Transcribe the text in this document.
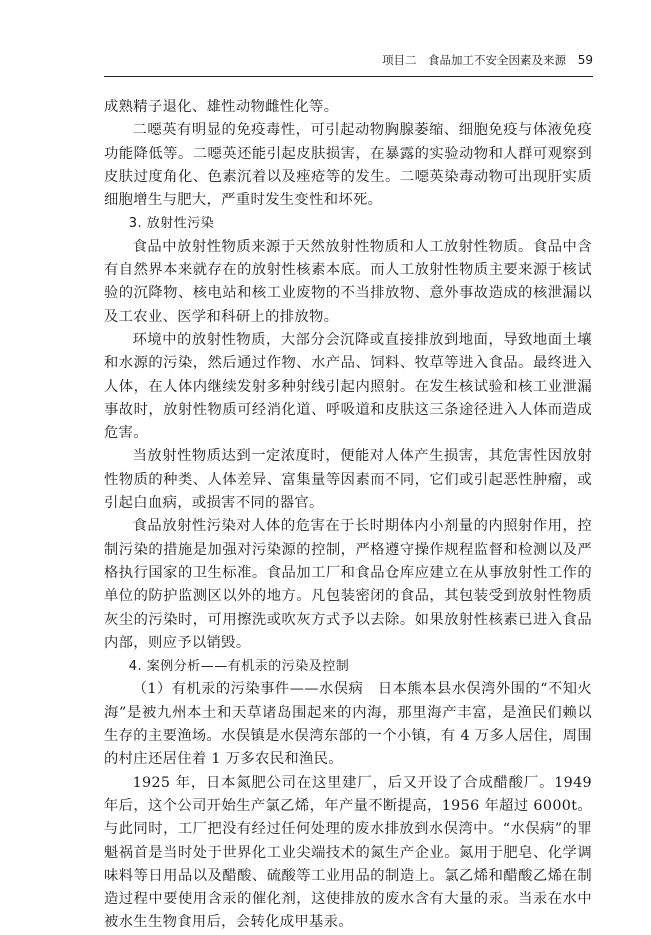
项目二　食品加工不安全因素及来源 59

成熟精子退化、雄性动物雌性化等。

二噁英有明显的免疫毒性，可引起动物胸腺萎缩、细胞免疫与体液免疫功能降低等。二噁英还能引起皮肤损害，在暴露的实验动物和人群可观察到皮肤过度角化、色素沉着以及痤疮等的发生。二噁英染毒动物可出现肝实质细胞增生与肥大，严重时发生变性和坏死。

3. 放射性污染

食品中放射性物质来源于天然放射性物质和人工放射性物质。食品中含有自然界本来就存在的放射性核素本底。而人工放射性物质主要来源于核试验的沉降物、核电站和核工业废物的不当排放物、意外事故造成的核泄漏以及工农业、医学和科研上的排放物。

环境中的放射性物质，大部分会沉降或直接排放到地面，导致地面土壤和水源的污染，然后通过作物、水产品、饲料、牧草等进入食品。最终进入人体，在人体内继续发射多种射线引起内照射。在发生核试验和核工业泄漏事故时，放射性物质可经消化道、呼吸道和皮肤这三条途径进入人体而造成危害。

当放射性物质达到一定浓度时，便能对人体产生损害，其危害性因放射性物质的种类、人体差异、富集量等因素而不同，它们或引起恶性肿瘤，或引起白血病，或损害不同的器官。

食品放射性污染对人体的危害在于长时期体内小剂量的内照射作用，控制污染的措施是加强对污染源的控制，严格遵守操作规程监督和检测以及严格执行国家的卫生标准。食品加工厂和食品仓库应建立在从事放射性工作的单位的防护监测区以外的地方。凡包装密闭的食品，其包装受到放射性物质灰尘的污染时，可用擦洗或吹灰方式予以去除。如果放射性核素已进入食品内部，则应予以销毁。

4. 案例分析——有机汞的污染及控制

（1）有机汞的污染事件——水俣病　日本熊本县水俣湾外围的“不知火海”是被九州本土和天草诸岛围起来的内海，那里海产丰富，是渔民们赖以生存的主要渔场。水俣镇是水俣湾东部的一个小镇，有 4 万多人居住，周围的村庄还居住着 1 万多农民和渔民。

1925 年，日本氮肥公司在这里建厂，后又开设了合成醋酸厂。1949 年后，这个公司开始生产氯乙烯，年产量不断提高，1956 年超过 6000t。与此同时，工厂把没有经过任何处理的废水排放到水俣湾中。“水俣病”的罪魁祸首是当时处于世界化工业尖端技术的氮生产企业。氮用于肥皂、化学调味料等日用品以及醋酸、硫酸等工业用品的制造上。氯乙烯和醋酸乙烯在制造过程中要使用含汞的催化剂，这使排放的废水含有大量的汞。当汞在水中被水生生物食用后，会转化成甲基汞。
